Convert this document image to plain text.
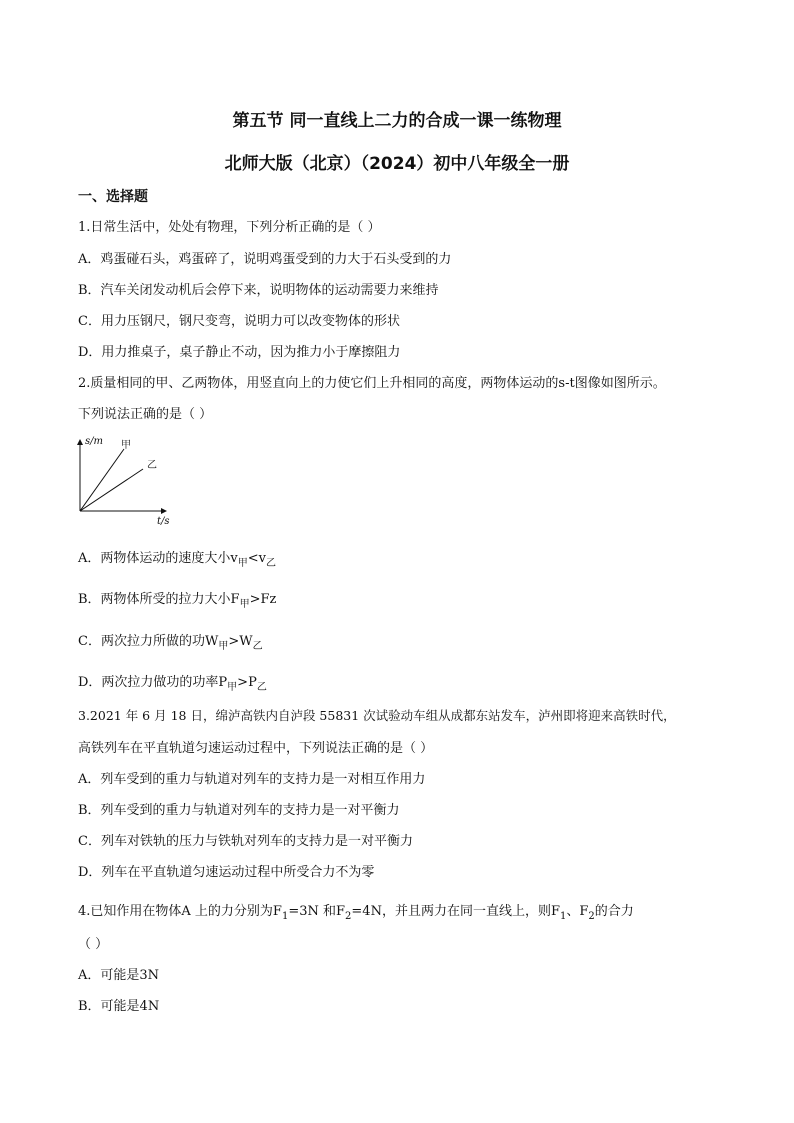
第五节 同一直线上二力的合成一课一练物理
北师大版（北京）（2024）初中八年级全一册
一、选择题
1.日常生活中，处处有物理，下列分析正确的是（ ）
A．鸡蛋碰石头，鸡蛋碎了，说明鸡蛋受到的力大于石头受到的力
B．汽车关闭发动机后会停下来，说明物体的运动需要力来维持
C．用力压钢尺，钢尺变弯，说明力可以改变物体的形状
D．用力推桌子，桌子静止不动，因为推力小于摩擦阻力
2.质量相同的甲、乙两物体，用竖直向上的力使它们上升相同的高度，两物体运动的s-t图像如图所示。
下列说法正确的是（ ）
s/m
t/s
甲
乙
A．两物体运动的速度大小$v_甲<v_乙$
B．两物体所受的拉力大小$F_甲>Fz$
C．两次拉力所做的功$W_甲>W_乙$
D．两次拉力做功的功率$P_甲>P_乙$
3.2021 年 6 月 18 日，绵泸高铁内自泸段 55831 次试验动车组从成都东站发车，泸州即将迎来高铁时代，
高铁列车在平直轨道匀速运动过程中，下列说法正确的是（ ）
A．列车受到的重力与轨道对列车的支持力是一对相互作用力
B．列车受到的重力与轨道对列车的支持力是一对平衡力
C．列车对铁轨的压力与铁轨对列车的支持力是一对平衡力
D．列车在平直轨道匀速运动过程中所受合力不为零
4.已知作用在物体A 上的力分别为$F_1=3N$ 和$F_2=4N$，并且两力在同一直线上，则$F_1$、$F_2$的合力
（ ）
A．可能是3N
B．可能是4N
